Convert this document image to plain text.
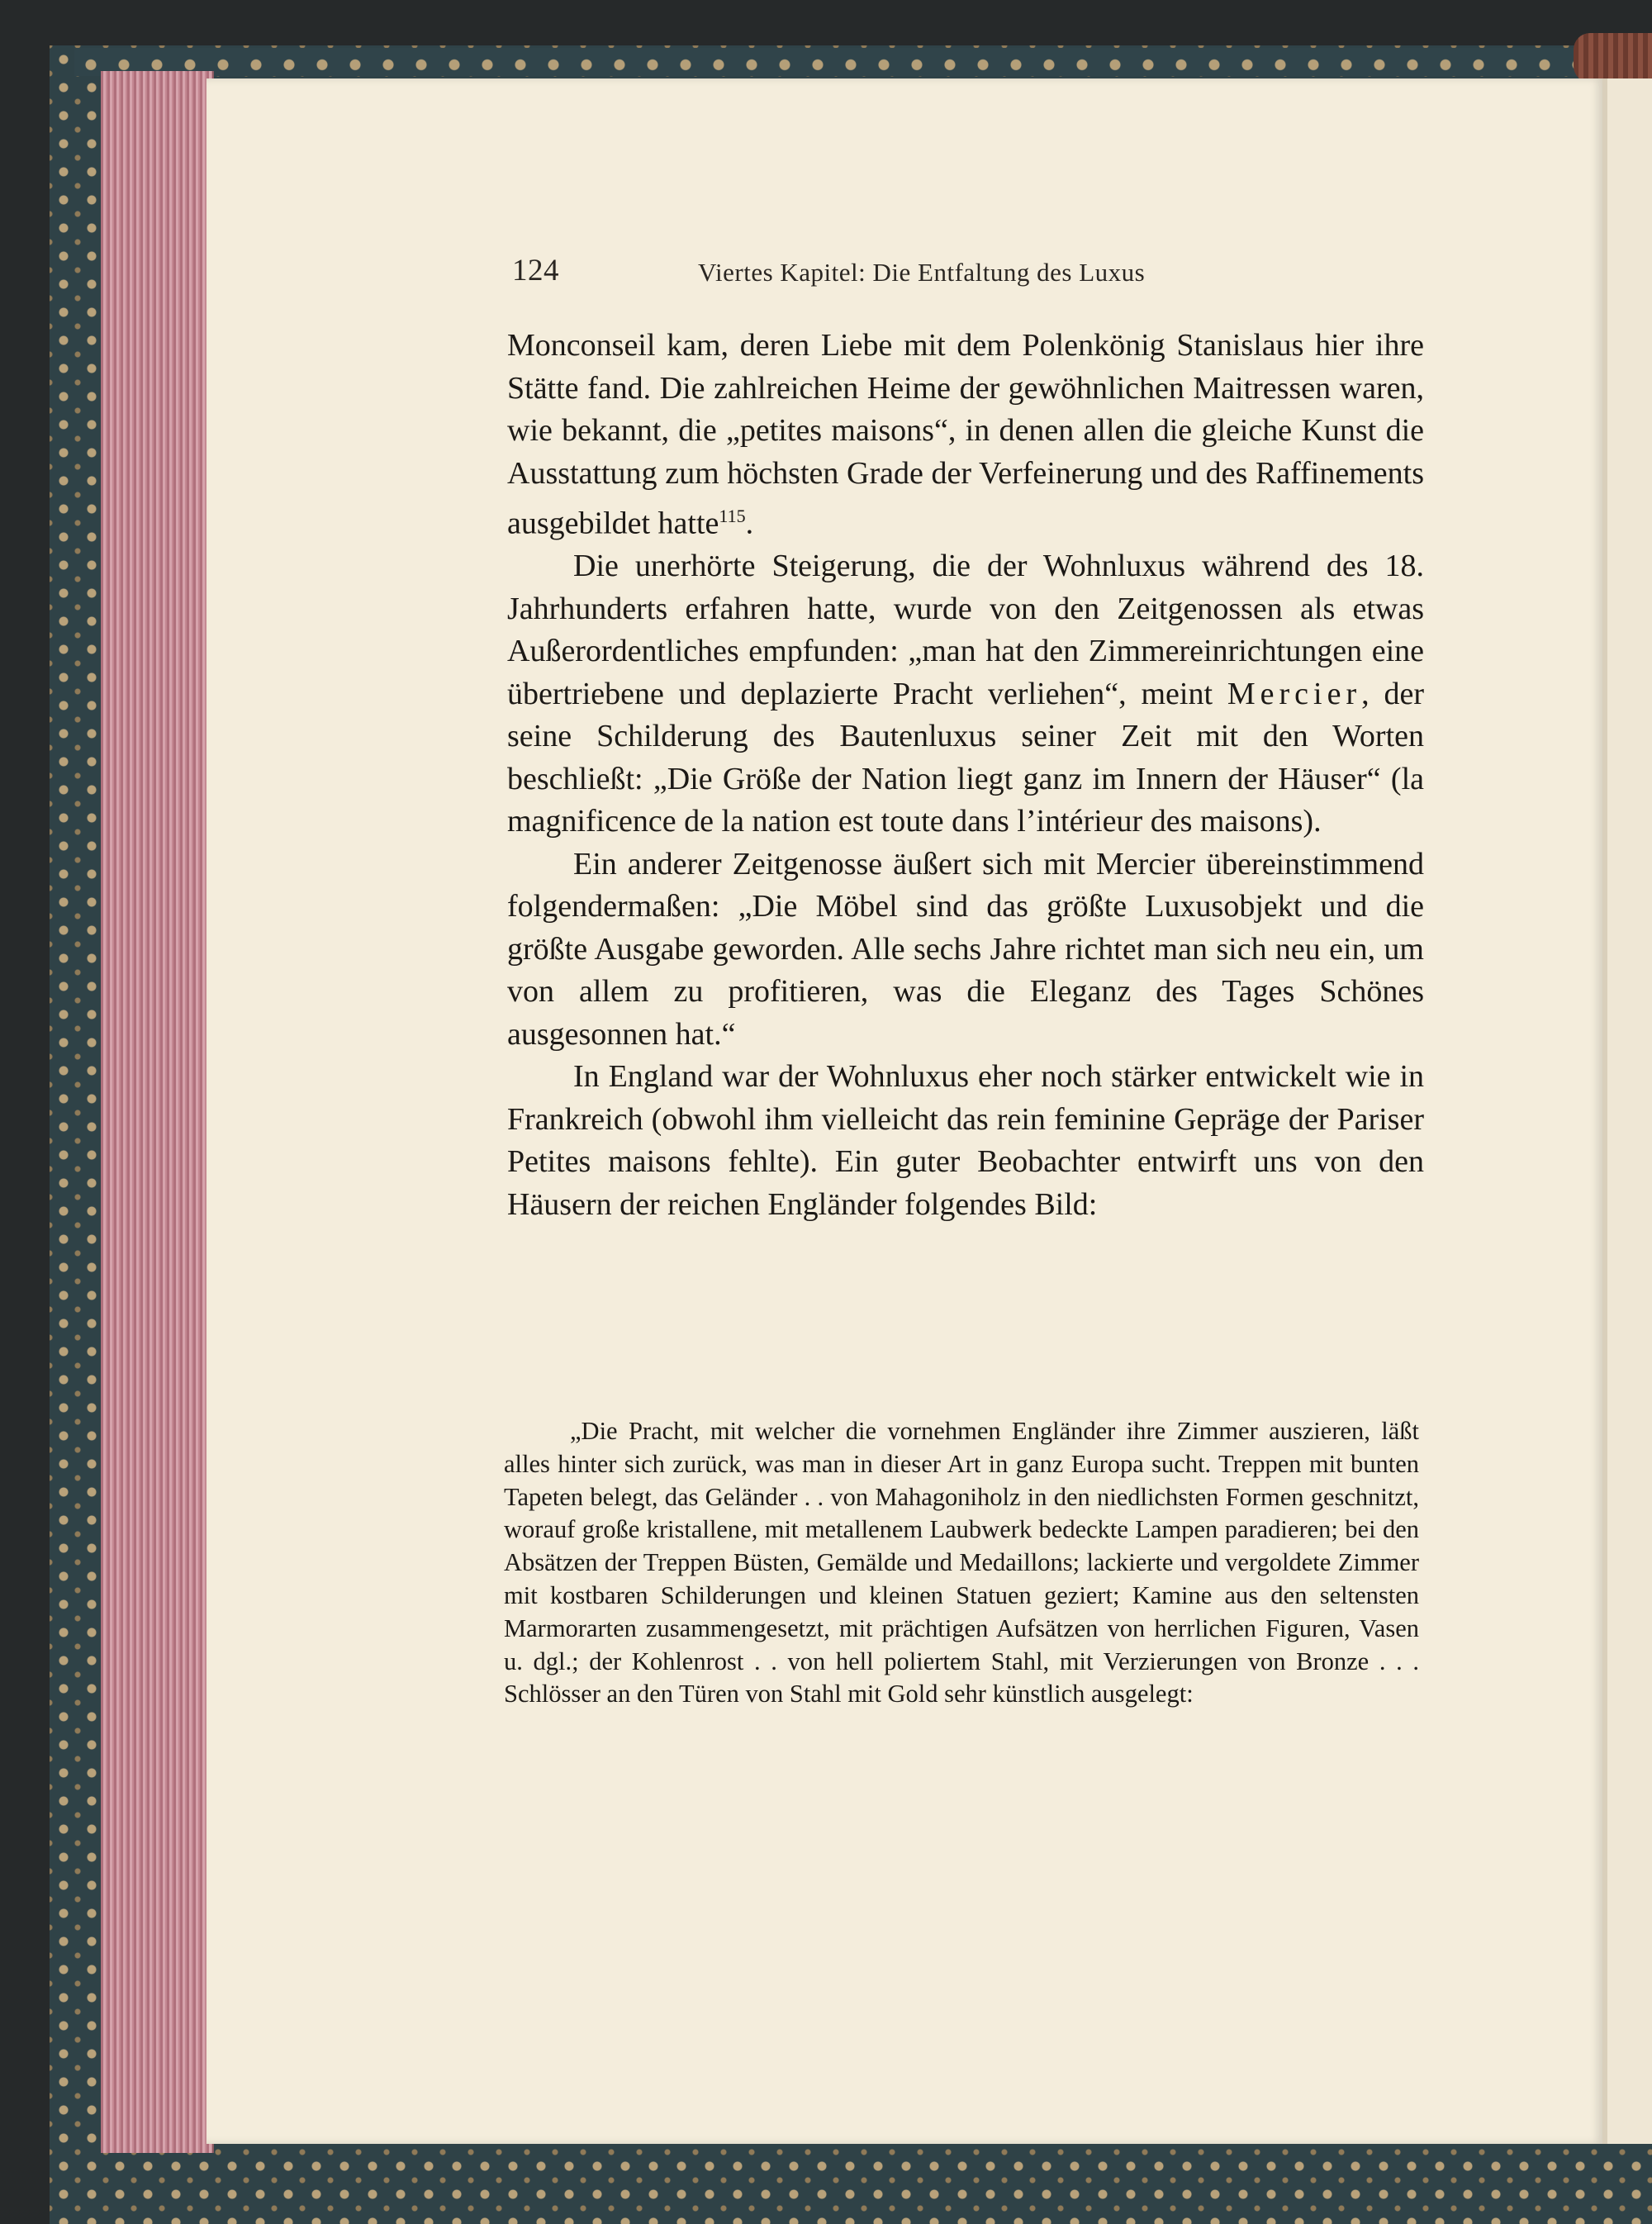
124	Viertes Kapitel: Die Entfaltung des Luxus

Monconseil kam, deren Liebe mit dem Polenkönig Stanislaus hier ihre Stätte fand. Die zahlreichen Heime der gewöhnlichen Maitressen waren, wie bekannt, die „petites maisons“, in denen allen die gleiche Kunst die Ausstattung zum höchsten Grade der Verfeinerung und des Raffinements ausgebildet hatte$^{115}$.

Die unerhörte Steigerung, die der Wohnluxus während des 18. Jahrhunderts erfahren hatte, wurde von den Zeitgenossen als etwas Außerordentliches empfunden: „man hat den Zimmereinrichtungen eine übertriebene und deplazierte Pracht verliehen“, meint Mercier, der seine Schilderung des Bautenluxus seiner Zeit mit den Worten beschließt: „Die Größe der Nation liegt ganz im Innern der Häuser“ (la magnificence de la nation est toute dans l’intérieur des maisons).

Ein anderer Zeitgenosse äußert sich mit Mercier übereinstimmend folgendermaßen: „Die Möbel sind das größte Luxusobjekt und die größte Ausgabe geworden. Alle sechs Jahre richtet man sich neu ein, um von allem zu profitieren, was die Eleganz des Tages Schönes ausgesonnen hat.“

In England war der Wohnluxus eher noch stärker entwickelt wie in Frankreich (obwohl ihm vielleicht das rein feminine Gepräge der Pariser Petites maisons fehlte). Ein guter Beobachter entwirft uns von den Häusern der reichen Engländer folgendes Bild:

„Die Pracht, mit welcher die vornehmen Engländer ihre Zimmer auszieren, läßt alles hinter sich zurück, was man in dieser Art in ganz Europa sucht. Treppen mit bunten Tapeten belegt, das Geländer . . von Mahagoniholz in den niedlichsten Formen geschnitzt, worauf große kristallene, mit metallenem Laubwerk bedeckte Lampen paradieren; bei den Absätzen der Treppen Büsten, Gemälde und Medaillons; lackierte und vergoldete Zimmer mit kostbaren Schilderungen und kleinen Statuen geziert; Kamine aus den seltensten Marmorarten zusammengesetzt, mit prächtigen Aufsätzen von herrlichen Figuren, Vasen u. dgl.; der Kohlenrost . . von hell poliertem Stahl, mit Verzierungen von Bronze . . . Schlösser an den Türen von Stahl mit Gold sehr künstlich ausgelegt:
